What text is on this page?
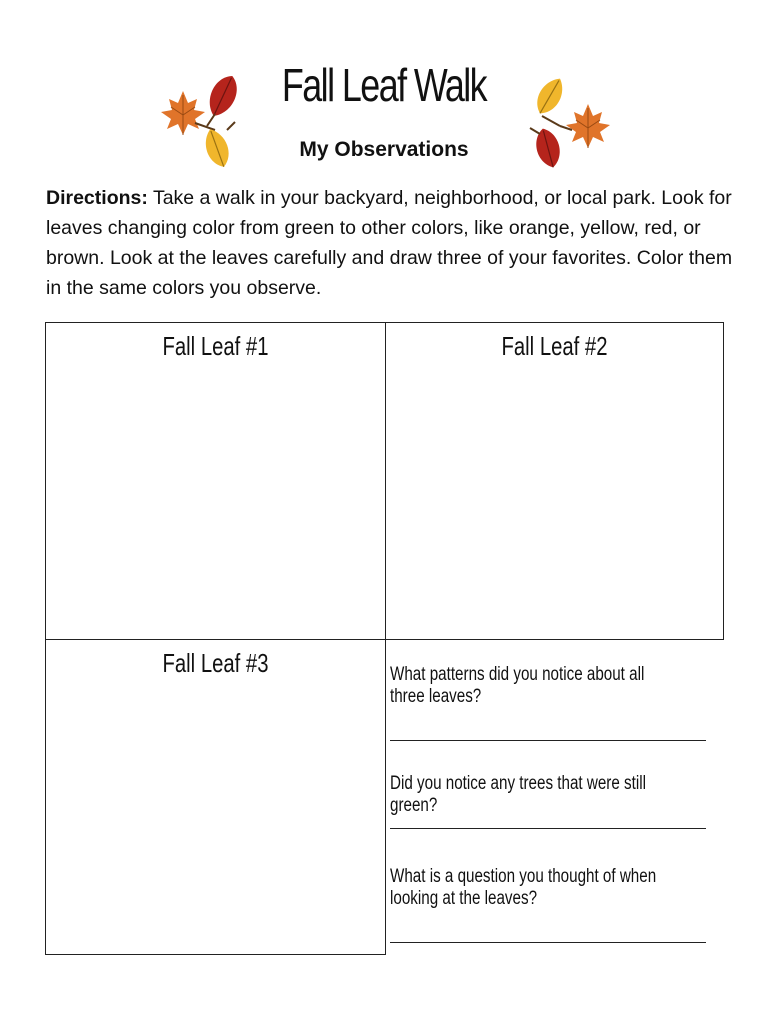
Fall Leaf Walk
My Observations
Directions: Take a walk in your backyard, neighborhood, or local park. Look for leaves changing color from green to other colors, like orange, yellow, red, or brown. Look at the leaves carefully and draw three of your favorites. Color them in the same colors you observe.
Fall Leaf #1	Fall Leaf #2
Fall Leaf #3	What patterns did you notice about all three leaves?
Did you notice any trees that were still green?
What is a question you thought of when looking at the leaves?
